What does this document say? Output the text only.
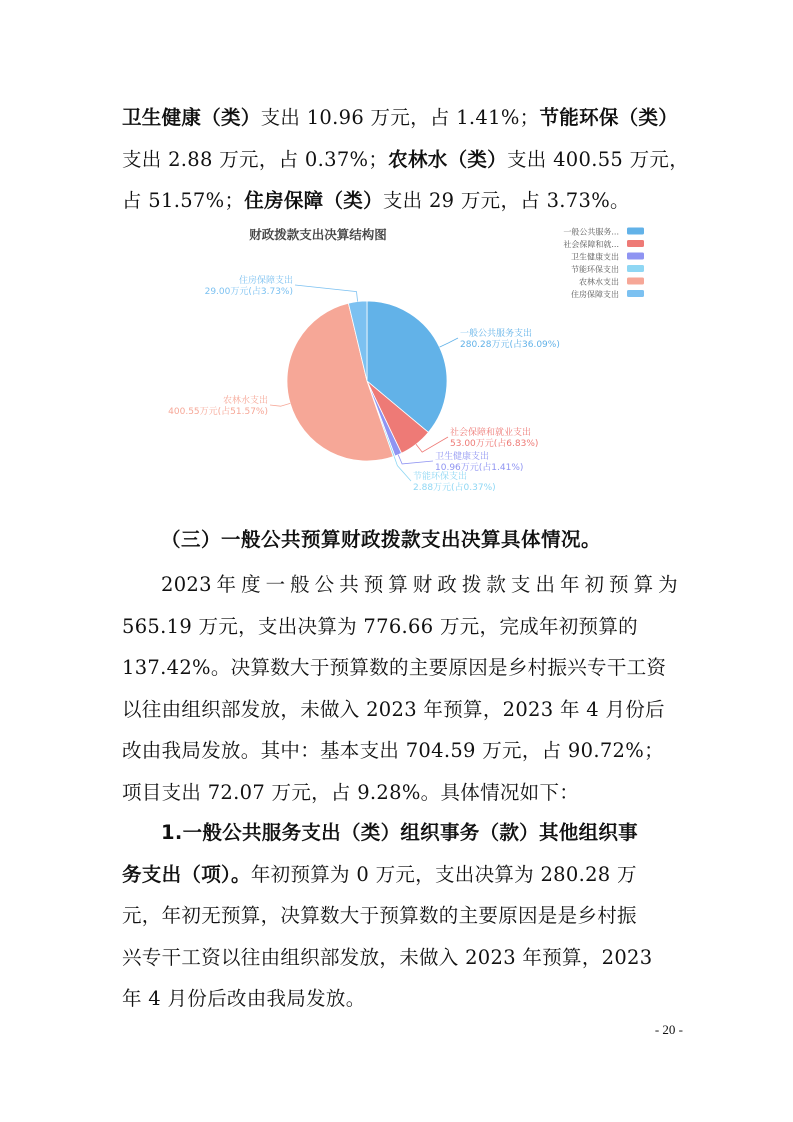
卫生健康（类）支出 10.96 万元，占 1.41%；节能环保（类）
支出 2.88 万元，占 0.37%；农林水（类）支出 400.55 万元，
占 51.57%；住房保障（类）支出 29 万元，占 3.73%。
财政拨款支出决算结构图
一般公共服务支出
280.28万元(占36.09%)
社会保障和就业支出
53.00万元(占6.83%)
卫生健康支出
10.96万元(占1.41%)
节能环保支出
2.88万元(占0.37%)
农林水支出
400.55万元(占51.57%)
住房保障支出
29.00万元(占3.73%)
一般公共服务...
社会保障和就...
卫生健康支出
节能环保支出
农林水支出
住房保障支出
（三）一般公共预算财政拨款支出决算具体情况。
2023 年 度 一 般 公 共 预 算 财 政 拨 款 支 出 年 初 预 算 为
565.19 万元，支出决算为 776.66 万元，完成年初预算的
137.42%。决算数大于预算数的主要原因是乡村振兴专干工资
以往由组织部发放，未做入 2023 年预算，2023 年 4 月份后
改由我局发放。其中：基本支出 704.59 万元，占 90.72%；
项目支出 72.07 万元，占 9.28%。具体情况如下：
1.一般公共服务支出（类）组织事务（款）其他组织事
务支出（项）。年初预算为 0 万元，支出决算为 280.28 万
元，年初无预算，决算数大于预算数的主要原因是是乡村振
兴专干工资以往由组织部发放，未做入 2023 年预算，2023
年 4 月份后改由我局发放。
- 20 -
